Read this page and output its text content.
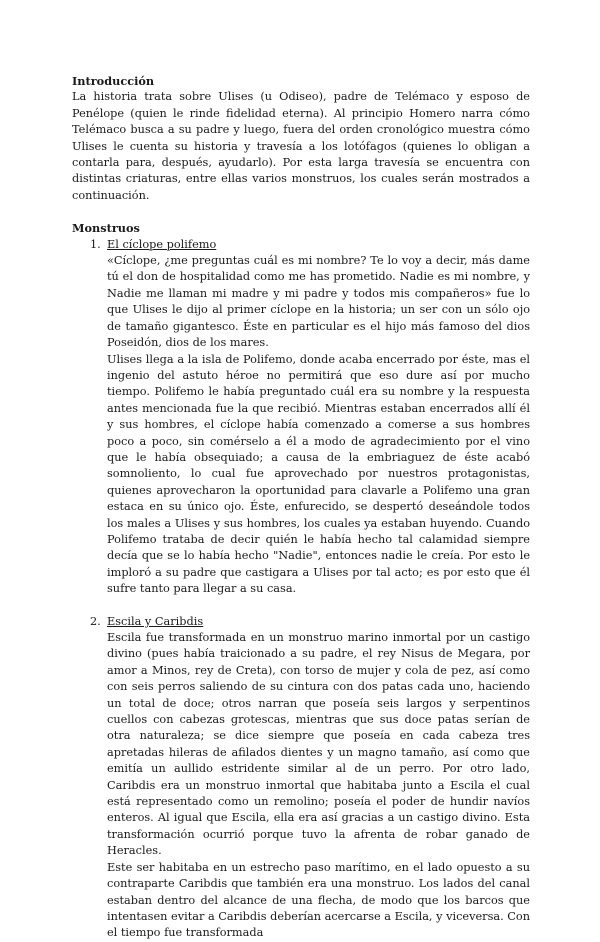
Introducción

La historia trata sobre Ulises (u Odiseo), padre de Telémaco y esposo de Penélope (quien le rinde fidelidad eterna). Al principio Homero narra cómo Telémaco busca a su padre y luego, fuera del orden cronológico muestra cómo Ulises le cuenta su historia y travesía a los lotófagos (quienes lo obligan a contarla para, después, ayudarlo). Por esta larga travesía se encuentra con distintas criaturas, entre ellas varios monstruos, los cuales serán mostrados a continuación.

Monstruos

1. El cíclope polifemo

«Cíclope, ¿me preguntas cuál es mi nombre? Te lo voy a decir, más dame tú el don de hospitalidad como me has prometido. Nadie es mi nombre, y Nadie me llaman mi madre y mi padre y todos mis compañeros» fue lo que Ulises le dijo al primer cíclope en la historia; un ser con un sólo ojo de tamaño gigantesco. Éste en particular es el hijo más famoso del dios Poseidón, dios de los mares.

Ulises llega a la isla de Polifemo, donde acaba encerrado por éste, mas el ingenio del astuto héroe no permitirá que eso dure así por mucho tiempo. Polifemo le había preguntado cuál era su nombre y la respuesta antes mencionada fue la que recibió. Mientras estaban encerrados allí él y sus hombres, el cíclope había comenzado a comerse a sus hombres poco a poco, sin comérselo a él a modo de agradecimiento por el vino que le había obsequiado; a causa de la embriaguez de éste acabó somnoliento, lo cual fue aprovechado por nuestros protagonistas, quienes aprovecharon la oportunidad para clavarle a Polifemo una gran estaca en su único ojo. Éste, enfurecido, se despertó deseándole todos los males a Ulises y sus hombres, los cuales ya estaban huyendo. Cuando Polifemo trataba de decir quién le había hecho tal calamidad siempre decía que se lo había hecho "Nadie", entonces nadie le creía. Por esto le imploró a su padre que castigara a Ulises por tal acto; es por esto que él sufre tanto para llegar a su casa.

2. Escila y Caribdis

Escila fue transformada en un monstruo marino inmortal por un castigo divino (pues había traicionado a su padre, el rey Nisus de Megara, por amor a Minos, rey de Creta), con torso de mujer y cola de pez, así como con seis perros saliendo de su cintura con dos patas cada uno, haciendo un total de doce; otros narran que poseía seis largos y serpentinos cuellos con cabezas grotescas, mientras que sus doce patas serían de otra naturaleza; se dice siempre que poseía en cada cabeza tres apretadas hileras de afilados dientes y un magno tamaño, así como que emitía un aullido estridente similar al de un perro. Por otro lado, Caribdis era un monstruo inmortal que habitaba junto a Escila el cual está representado como un remolino; poseía el poder de hundir navíos enteros. Al igual que Escila, ella era así gracias a un castigo divino. Esta transformación ocurrió porque tuvo la afrenta de robar ganado de Heracles.

Este ser habitaba en un estrecho paso marítimo, en el lado opuesto a su contraparte Caribdis que también era una monstruo. Los lados del canal estaban dentro del alcance de una flecha, de modo que los barcos que intentasen evitar a Caribdis deberían acercarse a Escila, y viceversa. Con el tiempo fue transformada
